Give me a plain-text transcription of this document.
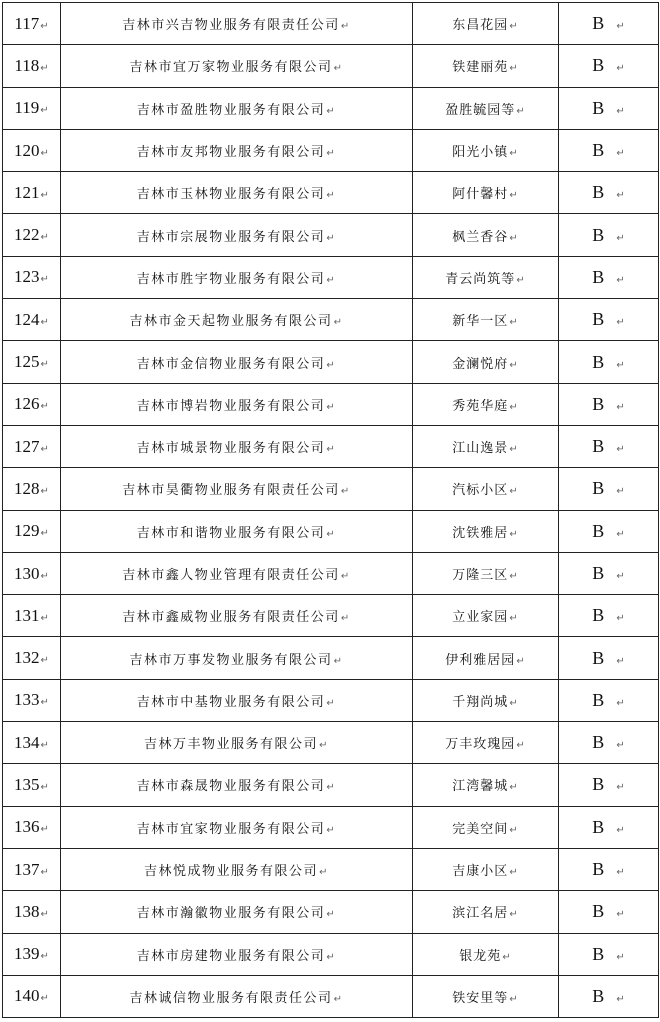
117↵	吉林市兴吉物业服务有限责任公司↵	东昌花园↵	B ↵
118↵	吉林市宜万家物业服务有限公司↵	铁建丽苑↵	B ↵
119↵	吉林市盈胜物业服务有限公司↵	盈胜毓园等↵	B ↵
120↵	吉林市友邦物业服务有限公司↵	阳光小镇↵	B ↵
121↵	吉林市玉林物业服务有限公司↵	阿什馨村↵	B ↵
122↵	吉林市宗展物业服务有限公司↵	枫兰香谷↵	B ↵
123↵	吉林市胜宇物业服务有限公司↵	青云尚筑等↵	B ↵
124↵	吉林市金天起物业服务有限公司↵	新华一区↵	B ↵
125↵	吉林市金信物业服务有限公司↵	金澜悦府↵	B ↵
126↵	吉林市博岩物业服务有限公司↵	秀苑华庭↵	B ↵
127↵	吉林市城景物业服务有限公司↵	江山逸景↵	B ↵
128↵	吉林市昊衢物业服务有限责任公司↵	汽标小区↵	B ↵
129↵	吉林市和谐物业服务有限公司↵	沈铁雅居↵	B ↵
130↵	吉林市鑫人物业管理有限责任公司↵	万隆三区↵	B ↵
131↵	吉林市鑫威物业服务有限责任公司↵	立业家园↵	B ↵
132↵	吉林市万事发物业服务有限公司↵	伊利雅居园↵	B ↵
133↵	吉林市中基物业服务有限公司↵	千翔尚城↵	B ↵
134↵	吉林万丰物业服务有限公司↵	万丰玫瑰园↵	B ↵
135↵	吉林市森晟物业服务有限公司↵	江湾馨城↵	B ↵
136↵	吉林市宜家物业服务有限公司↵	完美空间↵	B ↵
137↵	吉林悦成物业服务有限公司↵	吉康小区↵	B ↵
138↵	吉林市瀚徽物业服务有限公司↵	滨江名居↵	B ↵
139↵	吉林市房建物业服务有限公司↵	银龙苑↵	B ↵
140↵	吉林诚信物业服务有限责任公司↵	铁安里等↵	B ↵
